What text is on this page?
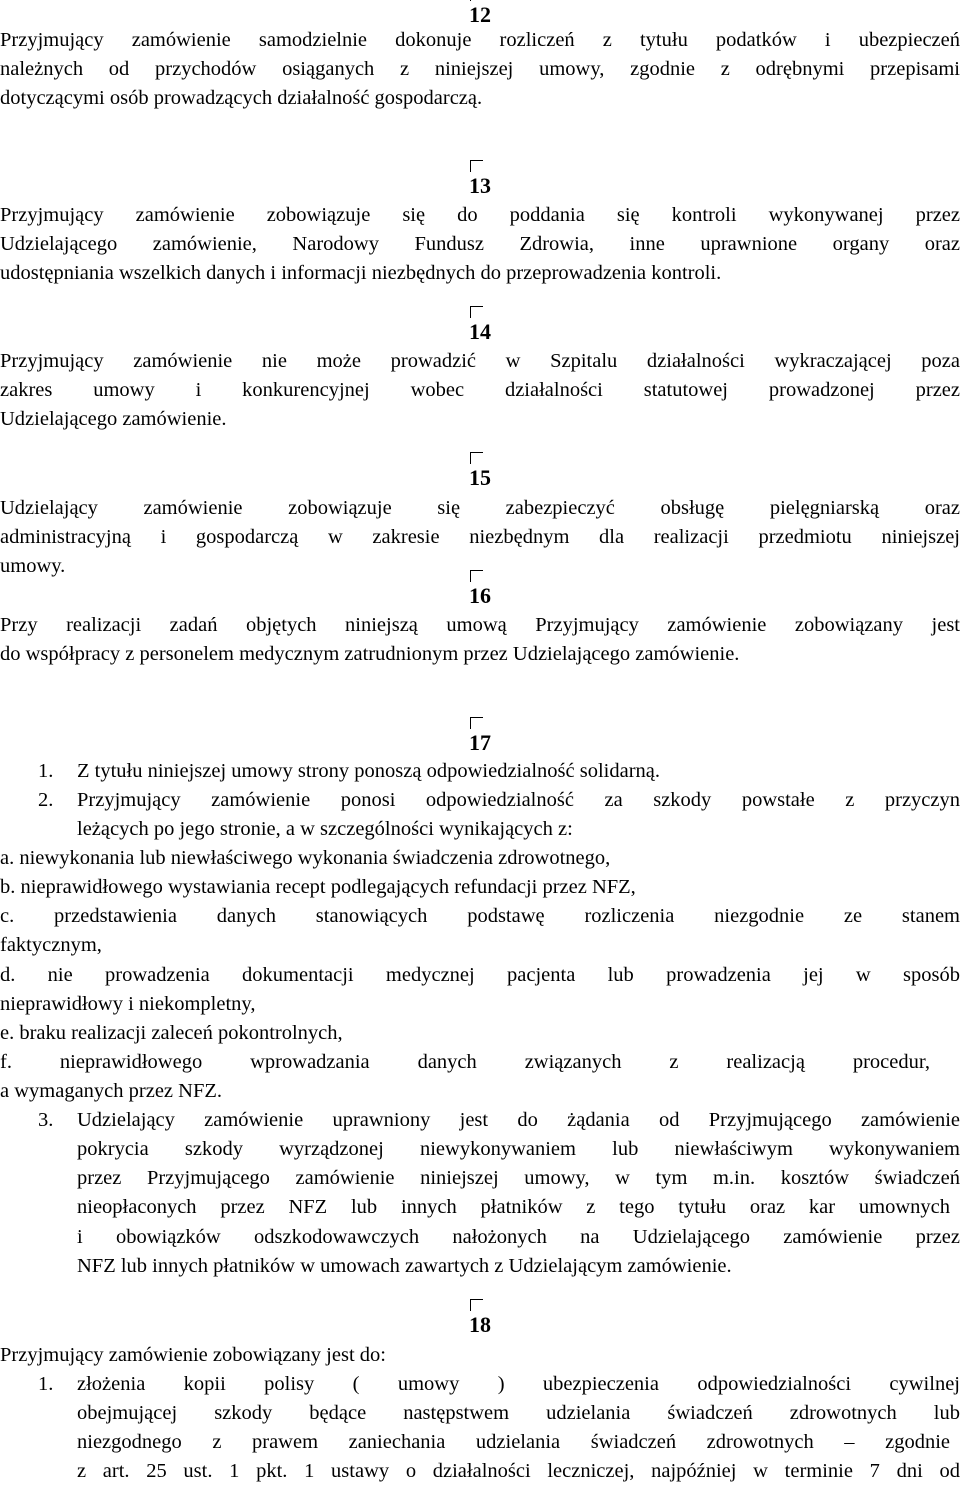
12
Przyjmujący zamówienie samodzielnie dokonuje rozliczeń z tytułu podatków i ubezpieczeń
należnych od przychodów osiąganych z niniejszej umowy, zgodnie z odrębnymi przepisami
dotyczącymi osób prowadzących działalność gospodarczą.
13
Przyjmujący zamówienie zobowiązuje się do poddania się kontroli wykonywanej przez
Udzielającego zamówienie, Narodowy Fundusz Zdrowia, inne uprawnione organy oraz
udostępniania wszelkich danych i informacji niezbędnych do przeprowadzenia kontroli.
14
Przyjmujący zamówienie nie może prowadzić w Szpitalu działalności wykraczającej poza
zakres umowy i konkurencyjnej wobec działalności statutowej prowadzonej przez
Udzielającego zamówienie.
15
Udzielający zamówienie zobowiązuje się zabezpieczyć obsługę pielęgniarską oraz
administracyjną i gospodarczą w zakresie niezbędnym dla realizacji przedmiotu niniejszej
umowy.
16
Przy realizacji zadań objętych niniejszą umową Przyjmujący zamówienie zobowiązany jest
do współpracy z personelem medycznym zatrudnionym przez Udzielającego zamówienie.
17
1. Z tytułu niniejszej umowy strony ponoszą odpowiedzialność solidarną.
2. Przyjmujący zamówienie ponosi odpowiedzialność za szkody powstałe z przyczyn
leżących po jego stronie, a w szczególności wynikających z:
a. niewykonania lub niewłaściwego wykonania świadczenia zdrowotnego,
b. nieprawidłowego wystawiania recept podlegających refundacji przez NFZ,
c. przedstawienia danych stanowiących podstawę rozliczenia niezgodnie ze stanem
faktycznym,
d. nie prowadzenia dokumentacji medycznej pacjenta lub prowadzenia jej w sposób
nieprawidłowy i niekompletny,
e. braku realizacji zaleceń pokontrolnych,
f. nieprawidłowego wprowadzania danych związanych z realizacją procedur,
a wymaganych przez NFZ.
3. Udzielający zamówienie uprawniony jest do żądania od Przyjmującego zamówienie
pokrycia szkody wyrządzonej niewykonywaniem lub niewłaściwym wykonywaniem
przez Przyjmującego zamówienie niniejszej umowy, w tym m.in. kosztów świadczeń
nieopłaconych przez NFZ lub innych płatników z tego tytułu oraz kar umownych
i obowiązków odszkodowawczych nałożonych na Udzielającego zamówienie przez
NFZ lub innych płatników w umowach zawartych z Udzielającym zamówienie.
18
Przyjmujący zamówienie zobowiązany jest do:
1. złożenia kopii polisy ( umowy ) ubezpieczenia odpowiedzialności cywilnej
obejmującej szkody będące następstwem udzielania świadczeń zdrowotnych lub
niezgodnego z prawem zaniechania udzielania świadczeń zdrowotnych – zgodnie
z art. 25 ust. 1 pkt. 1 ustawy o działalności leczniczej, najpóźniej w terminie 7 dni od
